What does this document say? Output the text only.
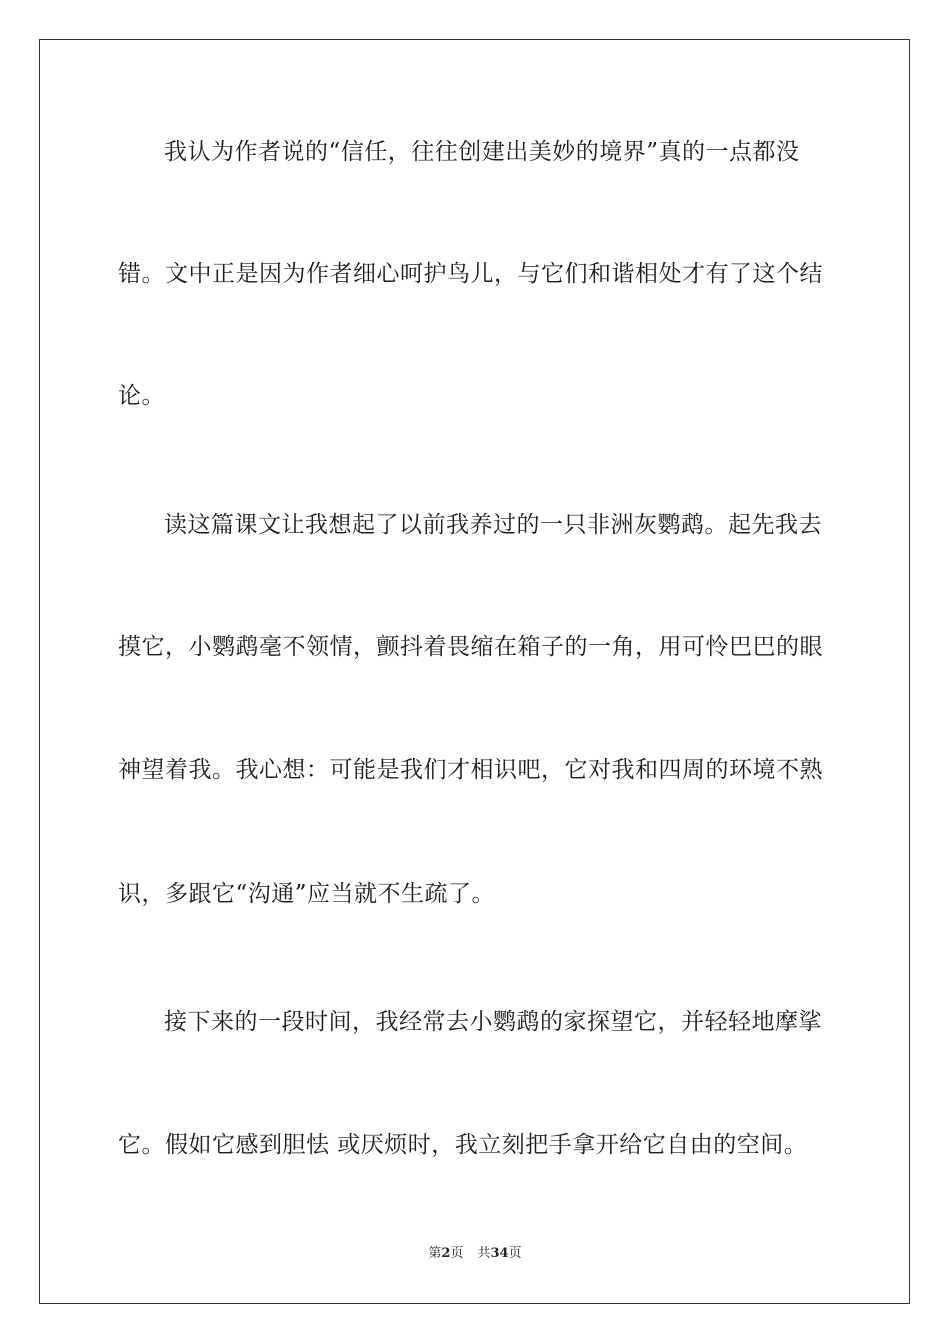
我认为作者说的“信任，往往创建出美妙的境界”真的一点都没
错。文中正是因为作者细心呵护鸟儿，与它们和谐相处才有了这个结
论。
读这篇课文让我想起了以前我养过的一只非洲灰鹦鹉。起先我去
摸它，小鹦鹉毫不领情，颤抖着畏缩在箱子的一角，用可怜巴巴的眼
神望着我。我心想：可能是我们才相识吧，它对我和四周的环境不熟
识，多跟它“沟通”应当就不生疏了。
接下来的一段时间，我经常去小鹦鹉的家探望它，并轻轻地摩挲
它。假如它感到胆怯 或厌烦时，我立刻把手拿开给它自由的空间。
第2页 共34页
